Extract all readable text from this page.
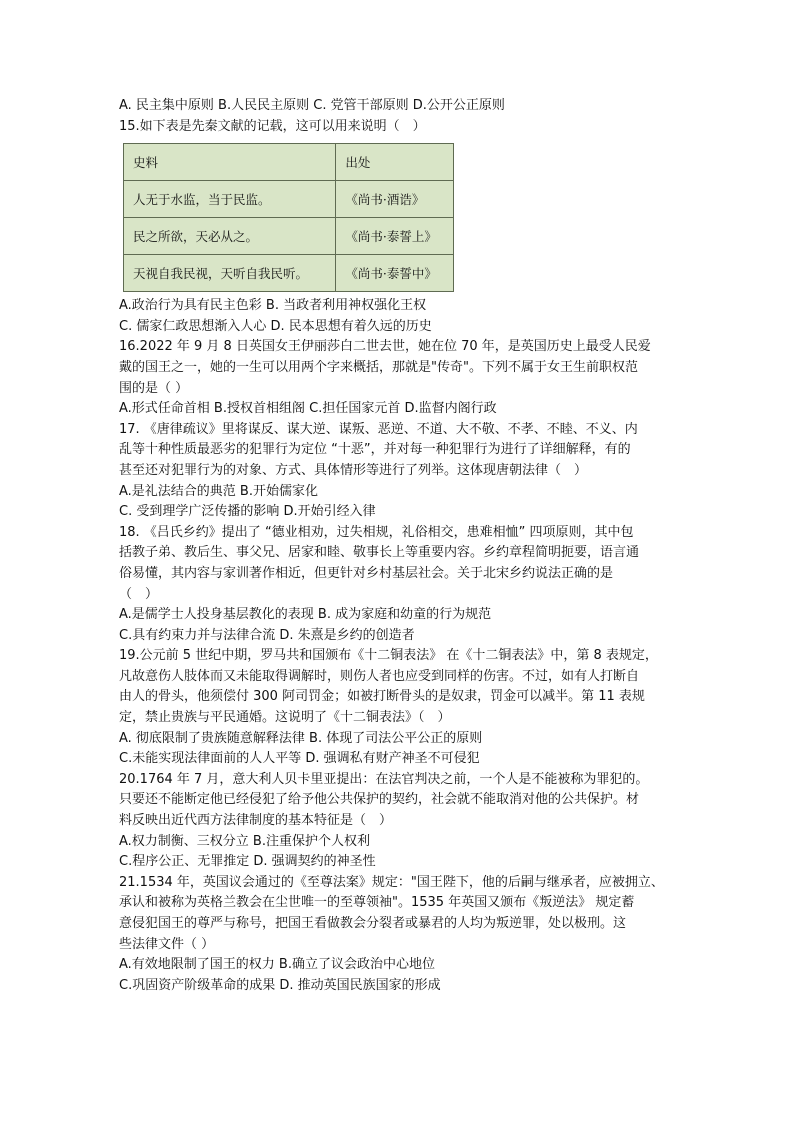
A. 民主集中原则 B.人民民主原则 C. 党管干部原则 D.公开公正原则
15.如下表是先秦文献的记载，这可以用来说明（　）
史料	出处
人无于水监，当于民监。	《尚书·酒诰》
民之所欲，天必从之。	《尚书·泰誓上》
天视自我民视，天听自我民听。	《尚书·泰誓中》
A.政治行为具有民主色彩 B. 当政者利用神权强化王权
C. 儒家仁政思想渐入人心 D. 民本思想有着久远的历史
16.2022 年 9 月 8 日英国女王伊丽莎白二世去世，她在位 70 年，是英国历史上最受人民爱
戴的国王之一，她的一生可以用两个字来概括，那就是"传奇"。下列不属于女王生前职权范
围的是（ ）
A.形式任命首相 B.授权首相组阁 C.担任国家元首 D.监督内阁行政
17. 《唐律疏议》里将谋反、谋大逆、谋叛、恶逆、不道、大不敬、不孝、不睦、不义、内
乱等十种性质最恶劣的犯罪行为定位 “十恶”，并对每一种犯罪行为进行了详细解释，有的
甚至还对犯罪行为的对象、方式、具体情形等进行了列举。这体现唐朝法律（　）
A.是礼法结合的典范 B.开始儒家化
C. 受到理学广泛传播的影响 D.开始引经入律
18. 《吕氏乡约》提出了 “德业相劝，过失相规，礼俗相交，患难相恤” 四项原则，其中包
括教子弟、教后生、事父兄、居家和睦、敬事长上等重要内容。乡约章程简明扼要，语言通
俗易懂，其内容与家训著作相近，但更针对乡村基层社会。关于北宋乡约说法正确的是
（　）
A.是儒学士人投身基层教化的表现 B. 成为家庭和幼童的行为规范
C.具有约束力并与法律合流 D. 朱熹是乡约的创造者
19.公元前 5 世纪中期，罗马共和国颁布《十二铜表法》 在《十二铜表法》中，第 8 表规定，
凡故意伤人肢体而又未能取得调解时，则伤人者也应受到同样的伤害。不过，如有人打断自
由人的骨头，他须偿付 300 阿司罚金；如被打断骨头的是奴隶，罚金可以减半。第 11 表规
定，禁止贵族与平民通婚。这说明了《十二铜表法》（　）
A. 彻底限制了贵族随意解释法律 B. 体现了司法公平公正的原则
C.未能实现法律面前的人人平等 D. 强调私有财产神圣不可侵犯
20.1764 年 7 月，意大利人贝卡里亚提出：在法官判决之前，一个人是不能被称为罪犯的。
只要还不能断定他已经侵犯了给予他公共保护的契约，社会就不能取消对他的公共保护。材
料反映出近代西方法律制度的基本特征是（　）
A.权力制衡、三权分立 B.注重保护个人权利
C.程序公正、无罪推定 D. 强调契约的神圣性
21.1534 年，英国议会通过的《至尊法案》规定："国王陛下，他的后嗣与继承者，应被拥立、
承认和被称为英格兰教会在尘世唯一的至尊领袖"。1535 年英国又颁布《叛逆法》 规定蓄
意侵犯国王的尊严与称号，把国王看做教会分裂者或暴君的人均为叛逆罪，处以极刑。这
些法律文件（ ）
A.有效地限制了国王的权力 B.确立了议会政治中心地位
C.巩固资产阶级革命的成果 D. 推动英国民族国家的形成
